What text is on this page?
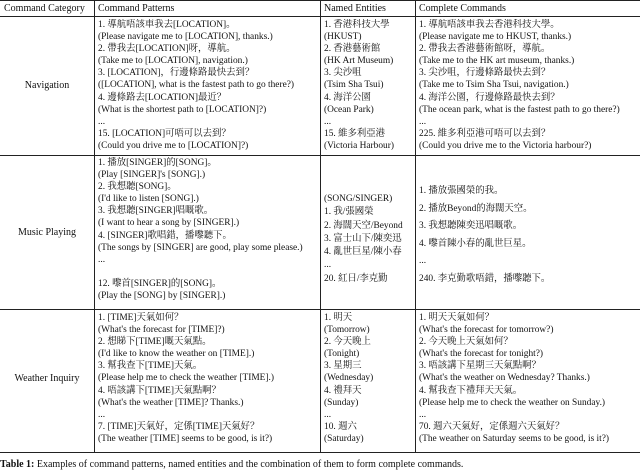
Command Category Command Patterns	Named Entities	Complete Commands
Navigation
1. 導航唔該車我去[LOCATION]。
(Please navigate me to [LOCATION], thanks.)
2. 帶我去[LOCATION]呀，導航。
(Take me to [LOCATION], navigation.)
3. [LOCATION]，行邊條路最快去到？
([LOCATION], what is the fastest path to go there?)
4. 邊條路去[LOCATION]最近？
(What is the shortest path to [LOCATION]?)
...
15. [LOCATION]可唔可以去到？
(Could you drive me to [LOCATION]?)
1. 香港科技大學
(HKUST)
2. 香港藝術館
(HK Art Museum)
3. 尖沙咀
(Tsim Sha Tsui)
4. 海洋公園
(Ocean Park)
...
15. 維多利亞港
(Victoria Harbour)
1. 導航唔該車我去香港科技大學。
(Please navigate me to HKUST, thanks.)
2. 帶我去香港藝術館呀，導航。
(Take me to the HK art museum, thanks.)
3. 尖沙咀，行邊條路最快去到？
(Take me to Tsim Sha Tsui, navigation.)
4. 海洋公園，行邊條路最快去到？
(The ocean park, what is the fastest path to go there?)
...
225. 維多利亞港可唔可以去到？
(Could you drive me to the Victoria harbour?)
Music Playing
1. 播放[SINGER]的[SONG]。
(Play [SINGER]'s [SONG].)
2. 我想聽[SONG]。
(I'd like to listen [SONG].)
3. 我想聽[SINGER]唱嘅歌。
(I want to hear a song by [SINGER].)
4. [SINGER]歌唱錯，播嚟聽下。
(The songs by [SINGER] are good, play some please.)
...
12. 嚟首[SINGER]的[SONG]。
(Play the [SONG] by [SINGER].)
(SONG/SINGER)
1. 我/張國榮
2. 海闊天空/Beyond
3. 富士山下/陳奕迅
4. 亂世巨星/陳小春
...
20. 紅日/李克勤
1. 播放張國榮的我。
2. 播放Beyond的海闊天空。
3. 我想聽陳奕迅唱嘅歌。
4. 嚟首陳小春的亂世巨星。
...
240. 李克勤歌唔錯，播嚟聽下。
Weather Inquiry
1. [TIME]天氣如何？
(What's the forecast for [TIME]?)
2. 想睇下[TIME]嘅天氣點。
(I'd like to know the weather on [TIME].)
3. 幫我查下[TIME]天氣。
(Please help me to check the weather [TIME].)
4. 唔該講下[TIME]天氣點啊？
(What's the weather [TIME]? Thanks.)
...
7. [TIME]天氣好，定係[TIME]天氣好？
(The weather [TIME] seems to be good, is it?)
1. 明天
(Tomorrow)
2. 今天晚上
(Tonight)
3. 星期三
(Wednesday)
4. 禮拜天
(Sunday)
...
10. 週六
(Saturday)
1. 明天天氣如何？
(What's the forecast for tomorrow?)
2. 今天晚上天氣如何？
(What's the forecast for tonight?)
3. 唔該講下星期三天氣點啊？
(What's the weather on Wednesday? Thanks.)
4. 幫我查下禮拜天天氣。
(Please help me to check the weather on Sunday.)
...
70. 週六天氣好，定係週六天氣好？
(The weather on Saturday seems to be good, is it?)
Table 1: Examples of command patterns, named entities and the combination of them to form complete commands.
